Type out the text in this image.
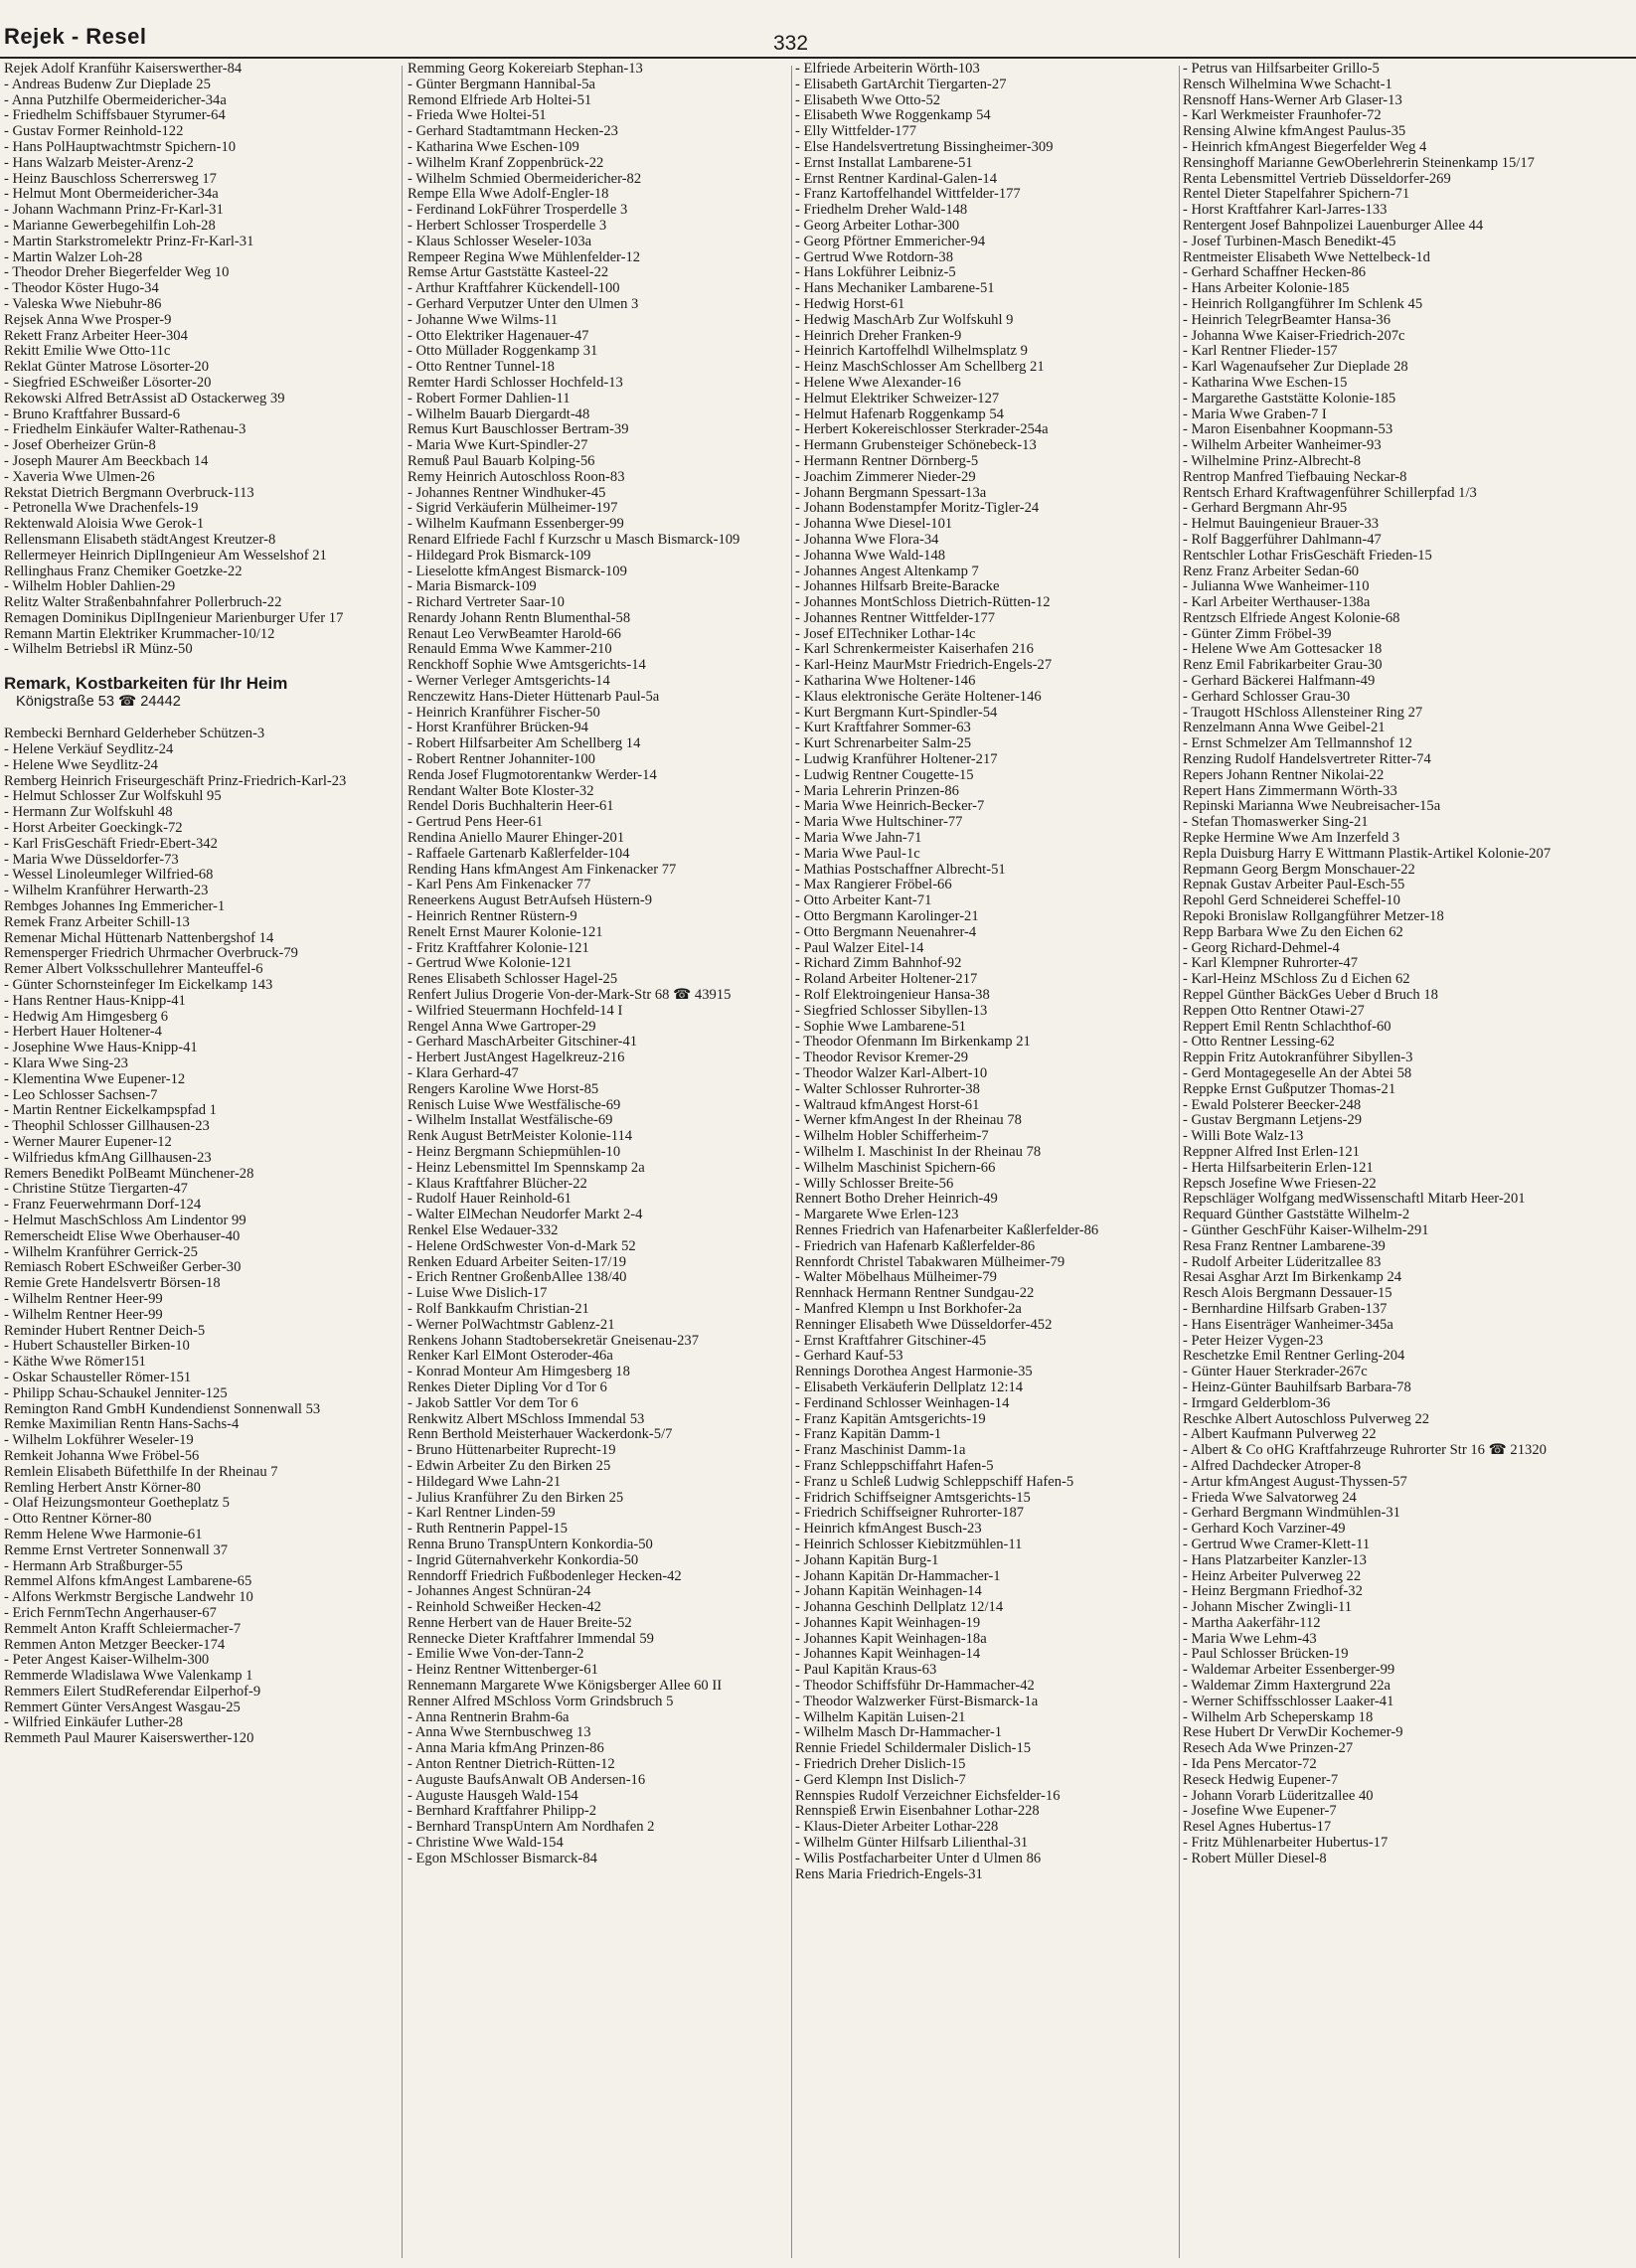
Rejek - Resel	332
Rejek Adolf Kranführ Kaiserswerther-84
- Andreas Budenw Zur Dieplade 25
- Anna Putzhilfe Obermeidericher-34a
- Friedhelm Schiffsbauer Styrumer-64
- Gustav Former Reinhold-122
- Hans PolHauptwachtmstr Spichern-10
- Hans Walzarb Meister-Arenz-2
- Heinz Bauschloss Scherrersweg 17
- Helmut Mont Obermeidericher-34a
- Johann Wachmann Prinz-Fr-Karl-31
- Marianne Gewerbegehilfin Loh-28
- Martin Starkstromelektr Prinz-Fr-Karl-31
- Martin Walzer Loh-28
- Theodor Dreher Biegerfelder Weg 10
- Theodor Köster Hugo-34
- Valeska Wwe Niebuhr-86
Rejsek Anna Wwe Prosper-9
Rekett Franz Arbeiter Heer-304
Rekitt Emilie Wwe Otto-11c
Reklat Günter Matrose Lösorter-20
- Siegfried ESchweißer Lösorter-20
Rekowski Alfred BetrAssist aD Ostackerweg 39
- Bruno Kraftfahrer Bussard-6
- Friedhelm Einkäufer Walter-Rathenau-3
- Josef Oberheizer Grün-8
- Joseph Maurer Am Beeckbach 14
- Xaveria Wwe Ulmen-26
Rekstat Dietrich Bergmann Overbruck-113
- Petronella Wwe Drachenfels-19
Rektenwald Aloisia Wwe Gerok-1
Rellensmann Elisabeth städtAngest Kreutzer-8
Rellermeyer Heinrich DiplIngenieur Am Wesselshof 21
Rellinghaus Franz Chemiker Goetzke-22
- Wilhelm Hobler Dahlien-29
Relitz Walter Straßenbahnfahrer Pollerbruch-22
Remagen Dominikus DiplIngenieur Marienburger Ufer 17
Remann Martin Elektriker Krummacher-10/12
- Wilhelm Betriebsl iR Münz-50
Remark, Kostbarkeiten für Ihr Heim
Königstraße 53 ☎ 24442
Rembecki Bernhard Gelderheber Schützen-3
- Helene Verkäuf Seydlitz-24
- Helene Wwe Seydlitz-24
Remberg Heinrich Friseurgeschäft Prinz-Friedrich-Karl-23
- Helmut Schlosser Zur Wolfskuhl 95
- Hermann Zur Wolfskuhl 48
- Horst Arbeiter Goeckingk-72
- Karl FrisGeschäft Friedr-Ebert-342
- Maria Wwe Düsseldorfer-73
- Wessel Linoleumleger Wilfried-68
- Wilhelm Kranführer Herwarth-23
Rembges Johannes Ing Emmericher-1
Remek Franz Arbeiter Schill-13
Remenar Michal Hüttenarb Nattenbergshof 14
Remensperger Friedrich Uhrmacher Overbruck-79
Remer Albert Volksschullehrer Manteuffel-6
- Günter Schornsteinfeger Im Eickelkamp 143
- Hans Rentner Haus-Knipp-41
- Hedwig Am Himgesberg 6
- Herbert Hauer Holtener-4
- Josephine Wwe Haus-Knipp-41
- Klara Wwe Sing-23
- Klementina Wwe Eupener-12
- Leo Schlosser Sachsen-7
- Martin Rentner Eickelkampspfad 1
- Theophil Schlosser Gillhausen-23
- Werner Maurer Eupener-12
- Wilfriedus kfmAng Gillhausen-23
Remers Benedikt PolBeamt Münchener-28
- Christine Stütze Tiergarten-47
- Franz Feuerwehrmann Dorf-124
- Helmut MaschSchloss Am Lindentor 99
Remerscheidt Elise Wwe Oberhauser-40
- Wilhelm Kranführer Gerrick-25
Remiasch Robert ESchweißer Gerber-30
Remie Grete Handelsvertr Börsen-18
- Wilhelm Rentner Heer-99
- Wilhelm Rentner Heer-99
Reminder Hubert Rentner Deich-5
- Hubert Schausteller Birken-10
- Käthe Wwe Römer151
- Oskar Schausteller Römer-151
- Philipp Schau-Schaukel Jenniter-125
Remington Rand GmbH Kundendienst Sonnenwall 53
Remke Maximilian Rentn Hans-Sachs-4
- Wilhelm Lokführer Weseler-19
Remkeit Johanna Wwe Fröbel-56
Remlein Elisabeth Büfetthilfe In der Rheinau 7
Remling Herbert Anstr Körner-80
- Olaf Heizungsmonteur Goetheplatz 5
- Otto Rentner Körner-80
Remm Helene Wwe Harmonie-61
Remme Ernst Vertreter Sonnenwall 37
- Hermann Arb Straßburger-55
Remmel Alfons kfmAngest Lambarene-65
- Alfons Werkmstr Bergische Landwehr 10
- Erich FernmTechn Angerhauser-67
Remmelt Anton Krafft Schleiermacher-7
Remmen Anton Metzger Beecker-174
- Peter Angest Kaiser-Wilhelm-300
Remmerde Wladislawa Wwe Valenkamp 1
Remmers Eilert StudReferendar Eilperhof-9
Remmert Günter VersAngest Wasgau-25
- Wilfried Einkäufer Luther-28
Remmeth Paul Maurer Kaiserswerther-120
Remming Georg Kokereiarb Stephan-13
- Günter Bergmann Hannibal-5a
Remond Elfriede Arb Holtei-51
- Frieda Wwe Holtei-51
- Gerhard Stadtamtmann Hecken-23
- Katharina Wwe Eschen-109
- Wilhelm Kranf Zoppenbrück-22
- Wilhelm Schmied Obermeidericher-82
Rempe Ella Wwe Adolf-Engler-18
- Ferdinand LokFührer Trosperdelle 3
- Herbert Schlosser Trosperdelle 3
- Klaus Schlosser Weseler-103a
Rempeer Regina Wwe Mühlenfelder-12
Remse Artur Gaststätte Kasteel-22
- Arthur Kraftfahrer Kückendell-100
- Gerhard Verputzer Unter den Ulmen 3
- Johanne Wwe Wilms-11
- Otto Elektriker Hagenauer-47
- Otto Müllader Roggenkamp 31
- Otto Rentner Tunnel-18
Remter Hardi Schlosser Hochfeld-13
- Robert Former Dahlien-11
- Wilhelm Bauarb Diergardt-48
Remus Kurt Bauschlosser Bertram-39
- Maria Wwe Kurt-Spindler-27
Remuß Paul Bauarb Kolping-56
Remy Heinrich Autoschloss Roon-83
- Johannes Rentner Windhuker-45
- Sigrid Verkäuferin Mülheimer-197
- Wilhelm Kaufmann Essenberger-99
Renard Elfriede Fachl f Kurzschr u Masch Bismarck-109
- Hildegard Prok Bismarck-109
- Lieselotte kfmAngest Bismarck-109
- Maria Bismarck-109
- Richard Vertreter Saar-10
Renardy Johann Rentn Blumenthal-58
Renaut Leo VerwBeamter Harold-66
Renauld Emma Wwe Kammer-210
Renckhoff Sophie Wwe Amtsgerichts-14
- Werner Verleger Amtsgerichts-14
Renczewitz Hans-Dieter Hüttenarb Paul-5a
- Heinrich Kranführer Fischer-50
- Horst Kranführer Brücken-94
- Robert Hilfsarbeiter Am Schellberg 14
- Robert Rentner Johanniter-100
Renda Josef Flugmotorentankw Werder-14
Rendant Walter Bote Kloster-32
Rendel Doris Buchhalterin Heer-61
- Gertrud Pens Heer-61
Rendina Aniello Maurer Ehinger-201
- Raffaele Gartenarb Kaßlerfelder-104
Rending Hans kfmAngest Am Finkenacker 77
- Karl Pens Am Finkenacker 77
Reneerkens August BetrAufseh Hüstern-9
- Heinrich Rentner Rüstern-9
Renelt Ernst Maurer Kolonie-121
- Fritz Kraftfahrer Kolonie-121
- Gertrud Wwe Kolonie-121
Renes Elisabeth Schlosser Hagel-25
Renfert Julius Drogerie Von-der-Mark-Str 68 ☎ 43915
- Wilfried Steuermann Hochfeld-14 I
Rengel Anna Wwe Gartroper-29
- Gerhard MaschArbeiter Gitschiner-41
- Herbert JustAngest Hagelkreuz-216
- Klara Gerhard-47
Rengers Karoline Wwe Horst-85
Renisch Luise Wwe Westfälische-69
- Wilhelm Installat Westfälische-69
Renk August BetrMeister Kolonie-114
- Heinz Bergmann Schiepmühlen-10
- Heinz Lebensmittel Im Spennskamp 2a
- Klaus Kraftfahrer Blücher-22
- Rudolf Hauer Reinhold-61
- Walter ElMechan Neudorfer Markt 2-4
Renkel Else Wedauer-332
- Helene OrdSchwester Von-d-Mark 52
Renken Eduard Arbeiter Seiten-17/19
- Erich Rentner GroßenbAllee 138/40
- Luise Wwe Dislich-17
- Rolf Bankkaufm Christian-21
- Werner PolWachtmstr Gablenz-21
Renkens Johann Stadtobersekretär Gneisenau-237
Renker Karl ElMont Osteroder-46a
- Konrad Monteur Am Himgesberg 18
Renkes Dieter Dipling Vor d Tor 6
- Jakob Sattler Vor dem Tor 6
Renkwitz Albert MSchloss Immendal 53
Renn Berthold Meisterhauer Wackerdonk-5/7
- Bruno Hüttenarbeiter Ruprecht-19
- Edwin Arbeiter Zu den Birken 25
- Hildegard Wwe Lahn-21
- Julius Kranführer Zu den Birken 25
- Karl Rentner Linden-59
- Ruth Rentnerin Pappel-15
Renna Bruno TranspUntern Konkordia-50
- Ingrid Güternahverkehr Konkordia-50
Renndorff Friedrich Fußbodenleger Hecken-42
- Johannes Angest Schnüran-24
- Reinhold Schweißer Hecken-42
Renne Herbert van de Hauer Breite-52
Rennecke Dieter Kraftfahrer Immendal 59
- Emilie Wwe Von-der-Tann-2
- Heinz Rentner Wittenberger-61
Rennemann Margarete Wwe Königsberger Allee 60 II
Renner Alfred MSchloss Vorm Grindsbruch 5
- Anna Rentnerin Brahm-6a
- Anna Wwe Sternbuschweg 13
- Anna Maria kfmAng Prinzen-86
- Anton Rentner Dietrich-Rütten-12
- Auguste BaufsAnwalt OB Andersen-16
- Auguste Hausgeh Wald-154
- Bernhard Kraftfahrer Philipp-2
- Bernhard TranspUntern Am Nordhafen 2
- Christine Wwe Wald-154
- Egon MSchlosser Bismarck-84
- Elfriede Arbeiterin Wörth-103
- Elisabeth GartArchit Tiergarten-27
- Elisabeth Wwe Otto-52
- Elisabeth Wwe Roggenkamp 54
- Elly Wittfelder-177
- Else Handelsvertretung Bissingheimer-309
- Ernst Installat Lambarene-51
- Ernst Rentner Kardinal-Galen-14
- Franz Kartoffelhandel Wittfelder-177
- Friedhelm Dreher Wald-148
- Georg Arbeiter Lothar-300
- Georg Pförtner Emmericher-94
- Gertrud Wwe Rotdorn-38
- Hans Lokführer Leibniz-5
- Hans Mechaniker Lambarene-51
- Hedwig Horst-61
- Hedwig MaschArb Zur Wolfskuhl 9
- Heinrich Dreher Franken-9
- Heinrich Kartoffelhdl Wilhelmsplatz 9
- Heinz MaschSchlosser Am Schellberg 21
- Helene Wwe Alexander-16
- Helmut Elektriker Schweizer-127
- Helmut Hafenarb Roggenkamp 54
- Herbert Kokereischlosser Sterkrader-254a
- Hermann Grubensteiger Schönebeck-13
- Hermann Rentner Dörnberg-5
- Joachim Zimmerer Nieder-29
- Johann Bergmann Spessart-13a
- Johann Bodenstampfer Moritz-Tigler-24
- Johanna Wwe Diesel-101
- Johanna Wwe Flora-34
- Johanna Wwe Wald-148
- Johannes Angest Altenkamp 7
- Johannes Hilfsarb Breite-Baracke
- Johannes MontSchloss Dietrich-Rütten-12
- Johannes Rentner Wittfelder-177
- Josef ElTechniker Lothar-14c
- Karl Schrenkermeister Kaiserhafen 216
- Karl-Heinz MaurMstr Friedrich-Engels-27
- Katharina Wwe Holtener-146
- Klaus elektronische Geräte Holtener-146
- Kurt Bergmann Kurt-Spindler-54
- Kurt Kraftfahrer Sommer-63
- Kurt Schrenarbeiter Salm-25
- Ludwig Kranführer Holtener-217
- Ludwig Rentner Cougette-15
- Maria Lehrerin Prinzen-86
- Maria Wwe Heinrich-Becker-7
- Maria Wwe Hultschiner-77
- Maria Wwe Jahn-71
- Maria Wwe Paul-1c
- Mathias Postschaffner Albrecht-51
- Max Rangierer Fröbel-66
- Otto Arbeiter Kant-71
- Otto Bergmann Karolinger-21
- Otto Bergmann Neuenahrer-4
- Paul Walzer Eitel-14
- Richard Zimm Bahnhof-92
- Roland Arbeiter Holtener-217
- Rolf Elektroingenieur Hansa-38
- Siegfried Schlosser Sibyllen-13
- Sophie Wwe Lambarene-51
- Theodor Ofenmann Im Birkenkamp 21
- Theodor Revisor Kremer-29
- Theodor Walzer Karl-Albert-10
- Walter Schlosser Ruhrorter-38
- Waltraud kfmAngest Horst-61
- Werner kfmAngest In der Rheinau 78
- Wilhelm Hobler Schifferheim-7
- Wilhelm I. Maschinist In der Rheinau 78
- Wilhelm Maschinist Spichern-66
- Willy Schlosser Breite-56
Rennert Botho Dreher Heinrich-49
- Margarete Wwe Erlen-123
Rennes Friedrich van Hafenarbeiter Kaßlerfelder-86
- Friedrich van Hafenarb Kaßlerfelder-86
Rennfordt Christel Tabakwaren Mülheimer-79
- Walter Möbelhaus Mülheimer-79
Rennhack Hermann Rentner Sundgau-22
- Manfred Klempn u Inst Borkhofer-2a
Renninger Elisabeth Wwe Düsseldorfer-452
- Ernst Kraftfahrer Gitschiner-45
- Gerhard Kauf-53
Rennings Dorothea Angest Harmonie-35
- Elisabeth Verkäuferin Dellplatz 12:14
- Ferdinand Schlosser Weinhagen-14
- Franz Kapitän Amtsgerichts-19
- Franz Kapitän Damm-1
- Franz Maschinist Damm-1a
- Franz Schleppschiffahrt Hafen-5
- Franz u Schleß Ludwig Schleppschiff Hafen-5
- Fridrich Schiffseigner Amtsgerichts-15
- Friedrich Schiffseigner Ruhrorter-187
- Heinrich kfmAngest Busch-23
- Heinrich Schlosser Kiebitzmühlen-11
- Johann Kapitän Burg-1
- Johann Kapitän Dr-Hammacher-1
- Johann Kapitän Weinhagen-14
- Johanna Geschinh Dellplatz 12/14
- Johannes Kapit Weinhagen-19
- Johannes Kapit Weinhagen-18a
- Johannes Kapit Weinhagen-14
- Paul Kapitän Kraus-63
- Theodor Schiffsführ Dr-Hammacher-42
- Theodor Walzwerker Fürst-Bismarck-1a
- Wilhelm Kapitän Luisen-21
- Wilhelm Masch Dr-Hammacher-1
Rennie Friedel Schildermaler Dislich-15
- Friedrich Dreher Dislich-15
- Gerd Klempn Inst Dislich-7
Rennspies Rudolf Verzeichner Eichsfelder-16
Rennspieß Erwin Eisenbahner Lothar-228
- Klaus-Dieter Arbeiter Lothar-228
- Wilhelm Günter Hilfsarb Lilienthal-31
- Wilis Postfacharbeiter Unter d Ulmen 86
Rens Maria Friedrich-Engels-31
- Petrus van Hilfsarbeiter Grillo-5
Rensch Wilhelmina Wwe Schacht-1
Rensnoff Hans-Werner Arb Glaser-13
- Karl Werkmeister Fraunhofer-72
Rensing Alwine kfmAngest Paulus-35
- Heinrich kfmAngest Biegerfelder Weg 4
Rensinghoff Marianne GewOberlehrerin Steinenkamp 15/17
Renta Lebensmittel Vertrieb Düsseldorfer-269
Rentel Dieter Stapelfahrer Spichern-71
- Horst Kraftfahrer Karl-Jarres-133
Rentergent Josef Bahnpolizei Lauenburger Allee 44
- Josef Turbinen-Masch Benedikt-45
Rentmeister Elisabeth Wwe Nettelbeck-1d
- Gerhard Schaffner Hecken-86
- Hans Arbeiter Kolonie-185
- Heinrich Rollgangführer Im Schlenk 45
- Heinrich TelegrBeamter Hansa-36
- Johanna Wwe Kaiser-Friedrich-207c
- Karl Rentner Flieder-157
- Karl Wagenaufseher Zur Dieplade 28
- Katharina Wwe Eschen-15
- Margarethe Gaststätte Kolonie-185
- Maria Wwe Graben-7 I
- Maron Eisenbahner Koopmann-53
- Wilhelm Arbeiter Wanheimer-93
- Wilhelmine Prinz-Albrecht-8
Rentrop Manfred Tiefbauing Neckar-8
Rentsch Erhard Kraftwagenführer Schillerpfad 1/3
- Gerhard Bergmann Ahr-95
- Helmut Bauingenieur Brauer-33
- Rolf Baggerführer Dahlmann-47
Rentschler Lothar FrisGeschäft Frieden-15
Renz Franz Arbeiter Sedan-60
- Julianna Wwe Wanheimer-110
- Karl Arbeiter Werthauser-138a
Rentzsch Elfriede Angest Kolonie-68
- Günter Zimm Fröbel-39
- Helene Wwe Am Gottesacker 18
Renz Emil Fabrikarbeiter Grau-30
- Gerhard Bäckerei Halfmann-49
- Gerhard Schlosser Grau-30
- Traugott HSchloss Allensteiner Ring 27
Renzelmann Anna Wwe Geibel-21
- Ernst Schmelzer Am Tellmannshof 12
Renzing Rudolf Handelsvertreter Ritter-74
Repers Johann Rentner Nikolai-22
Repert Hans Zimmermann Wörth-33
Repinski Marianna Wwe Neubreisacher-15a
- Stefan Thomaswerker Sing-21
Repke Hermine Wwe Am Inzerfeld 3
Repla Duisburg Harry E Wittmann Plastik-Artikel Kolonie-207
Repmann Georg Bergm Monschauer-22
Repnak Gustav Arbeiter Paul-Esch-55
Repohl Gerd Schneiderei Scheffel-10
Repoki Bronislaw Rollgangführer Metzer-18
Repp Barbara Wwe Zu den Eichen 62
- Georg Richard-Dehmel-4
- Karl Klempner Ruhrorter-47
- Karl-Heinz MSchloss Zu d Eichen 62
Reppel Günther BäckGes Ueber d Bruch 18
Reppen Otto Rentner Otawi-27
Reppert Emil Rentn Schlachthof-60
- Otto Rentner Lessing-62
Reppin Fritz Autokranführer Sibyllen-3
- Gerd Montagegeselle An der Abtei 58
Reppke Ernst Gußputzer Thomas-21
- Ewald Polsterer Beecker-248
- Gustav Bergmann Letjens-29
- Willi Bote Walz-13
Reppner Alfred Inst Erlen-121
- Herta Hilfsarbeiterin Erlen-121
Repsch Josefine Wwe Friesen-22
Repschläger Wolfgang medWissenschaftl Mitarb Heer-201
Requard Günther Gaststätte Wilhelm-2
- Günther GeschFühr Kaiser-Wilhelm-291
Resa Franz Rentner Lambarene-39
- Rudolf Arbeiter Lüderitzallee 83
Resai Asghar Arzt Im Birkenkamp 24
Resch Alois Bergmann Dessauer-15
- Bernhardine Hilfsarb Graben-137
- Hans Eisenträger Wanheimer-345a
- Peter Heizer Vygen-23
Reschetzke Emil Rentner Gerling-204
- Günter Hauer Sterkrader-267c
- Heinz-Günter Bauhilfsarb Barbara-78
- Irmgard Gelderblom-36
Reschke Albert Autoschloss Pulverweg 22
- Albert Kaufmann Pulverweg 22
- Albert & Co oHG Kraftfahrzeuge Ruhrorter Str 16 ☎ 21320
- Alfred Dachdecker Atroper-8
- Artur kfmAngest August-Thyssen-57
- Frieda Wwe Salvatorweg 24
- Gerhard Bergmann Windmühlen-31
- Gerhard Koch Varziner-49
- Gertrud Wwe Cramer-Klett-11
- Hans Platzarbeiter Kanzler-13
- Heinz Arbeiter Pulverweg 22
- Heinz Bergmann Friedhof-32
- Johann Mischer Zwingli-11
- Martha Aakerfähr-112
- Maria Wwe Lehm-43
- Paul Schlosser Brücken-19
- Waldemar Arbeiter Essenberger-99
- Waldemar Zimm Haxtergrund 22a
- Werner Schiffsschlosser Laaker-41
- Wilhelm Arb Scheperskamp 18
Rese Hubert Dr VerwDir Kochemer-9
Resech Ada Wwe Prinzen-27
- Ida Pens Mercator-72
Reseck Hedwig Eupener-7
- Johann Vorarb Lüderitzallee 40
- Josefine Wwe Eupener-7
Resel Agnes Hubertus-17
- Fritz Mühlenarbeiter Hubertus-17
- Robert Müller Diesel-8
